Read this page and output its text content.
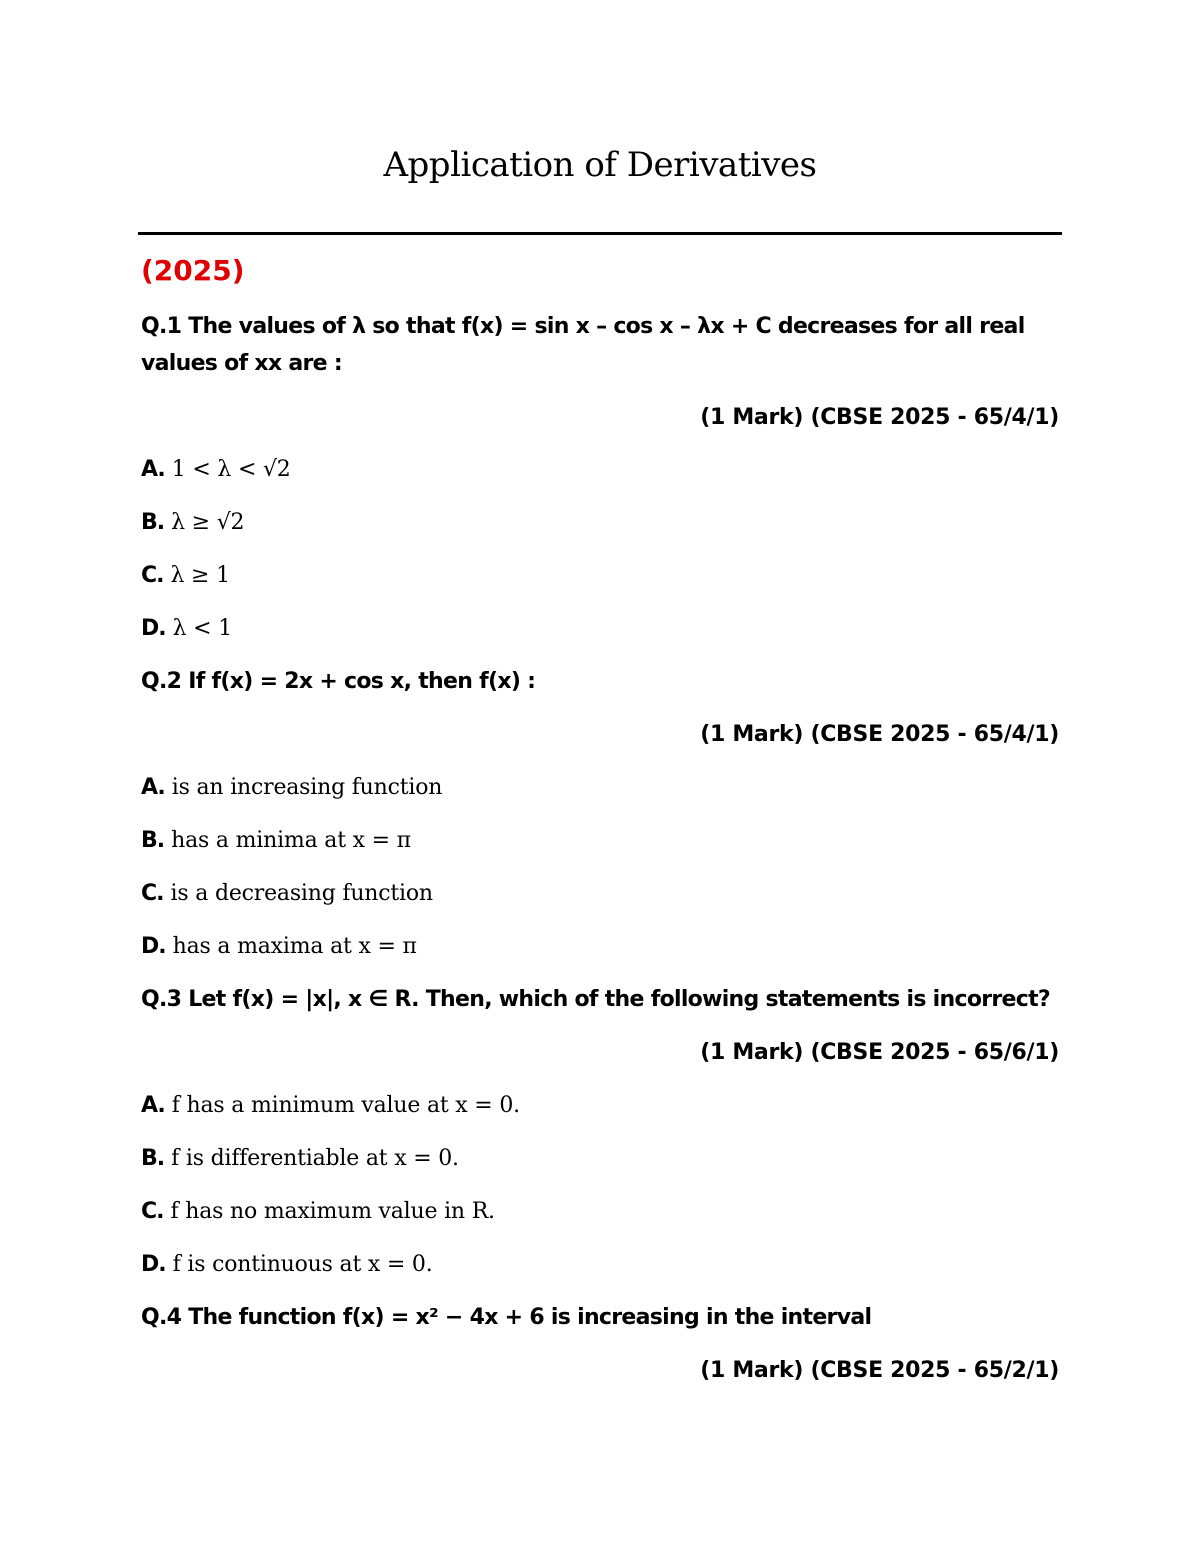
Application of Derivatives
(2025)
Q.1 The values of λ so that f(x) = sin x – cos x – λx + C decreases for all real
values of xx are :
(1 Mark) (CBSE 2025 - 65/4/1)
A. 1 < λ < √2
B. λ ≥ √2
C. λ ≥ 1
D. λ < 1
Q.2 If f(x) = 2x + cos x, then f(x) :
(1 Mark) (CBSE 2025 - 65/4/1)
A. is an increasing function
B. has a minima at x = π
C. is a decreasing function
D. has a maxima at x = π
Q.3 Let f(x) = |x|, x ∈ R. Then, which of the following statements is incorrect?
(1 Mark) (CBSE 2025 - 65/6/1)
A. f has a minimum value at x = 0.
B. f is differentiable at x = 0.
C. f has no maximum value in R.
D. f is continuous at x = 0.
Q.4 The function f(x) = x² − 4x + 6 is increasing in the interval
(1 Mark) (CBSE 2025 - 65/2/1)
